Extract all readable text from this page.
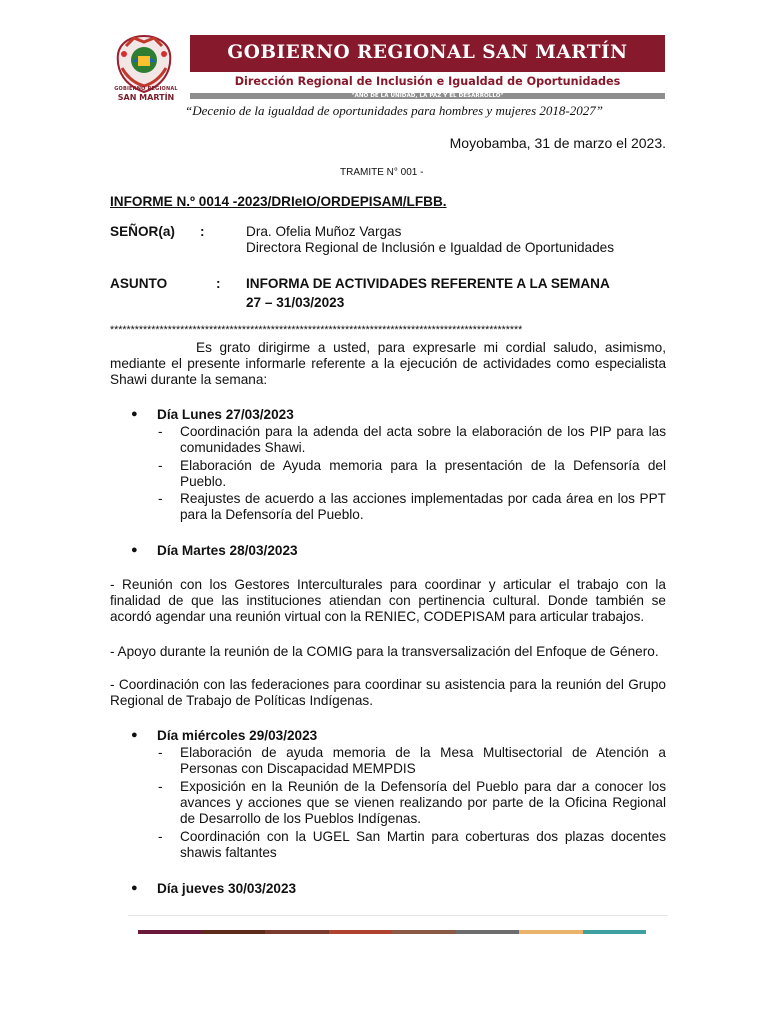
GOBIERNO REGIONAL
SAN MARTÍN
GOBIERNO REGIONAL SAN MARTÍN
Dirección Regional de Inclusión e Igualdad de Oportunidades
"AÑO DE LA UNIDAD, LA PAZ Y EL DESARROLLO"
“Decenio de la igualdad de oportunidades para hombres y mujeres 2018-2027”
Moyobamba, 31 de marzo el 2023.
TRAMITE N° 001 -
INFORME N.º 0014 -2023/DRIeIO/ORDEPISAM/LFBB.
SEÑOR(a) :	Dra. Ofelia Muñoz Vargas
Directora Regional de Inclusión e Igualdad de Oportunidades
ASUNTO	: INFORMA DE ACTIVIDADES REFERENTE A LA SEMANA
27 – 31/03/2023
****************************************************************************************************
Es grato dirigirme a usted, para expresarle mi cordial saludo, asimismo, mediante el presente informarle referente a la ejecución de actividades como especialista Shawi durante la semana:
● Día Lunes 27/03/2023
- Coordinación para la adenda del acta sobre la elaboración de los PIP para las comunidades Shawi.
- Elaboración de Ayuda memoria para la presentación de la Defensoría del Pueblo.
- Reajustes de acuerdo a las acciones implementadas por cada área en los PPT para la Defensoría del Pueblo.
● Día Martes 28/03/2023
- Reunión con los Gestores Interculturales para coordinar y articular el trabajo con la finalidad de que las instituciones atiendan con pertinencia cultural. Donde también se acordó agendar una reunión virtual con la RENIEC, CODEPISAM para articular trabajos.
- Apoyo durante la reunión de la COMIG para la transversalización del Enfoque de Género.
- Coordinación con las federaciones para coordinar su asistencia para la reunión del Grupo Regional de Trabajo de Políticas Indígenas.
● Día miércoles 29/03/2023
- Elaboración de ayuda memoria de la Mesa Multisectorial de Atención a Personas con Discapacidad MEMPDIS
- Exposición en la Reunión de la Defensoría del Pueblo para dar a conocer los avances y acciones que se vienen realizando por parte de la Oficina Regional de Desarrollo de los Pueblos Indígenas.
- Coordinación con la UGEL San Martin para coberturas dos plazas docentes shawis faltantes
● Día jueves 30/03/2023
